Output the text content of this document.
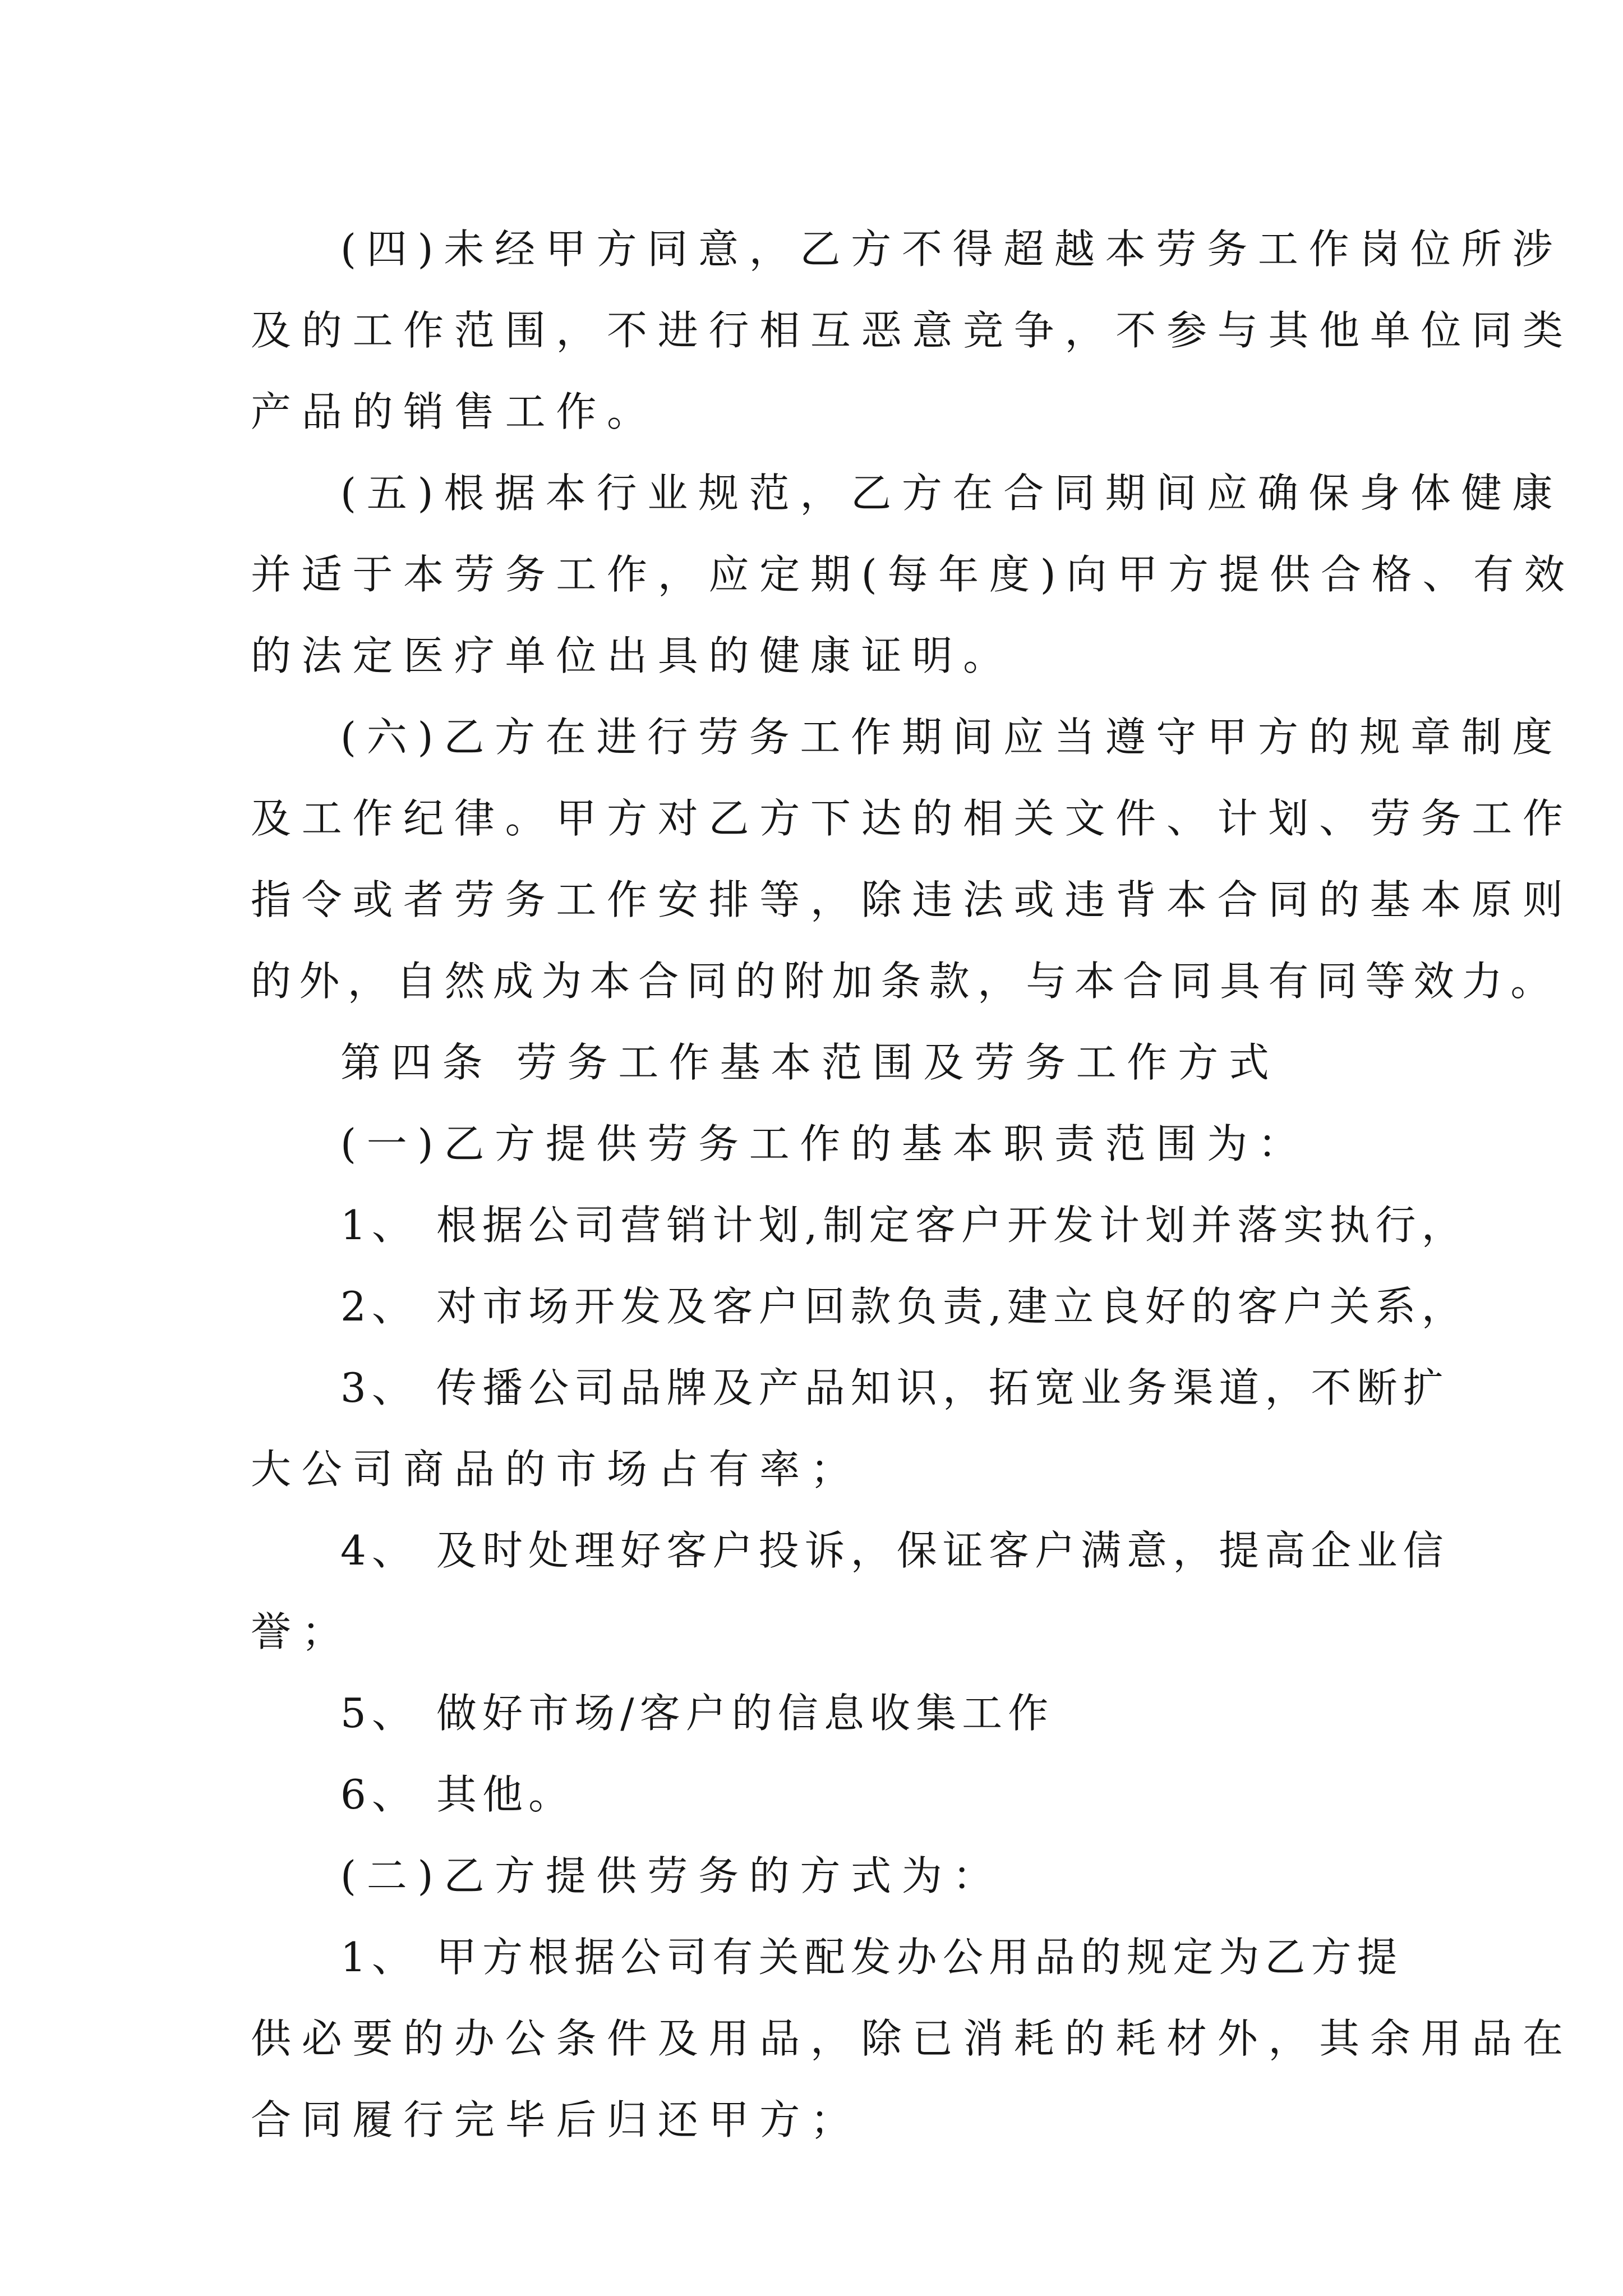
(四)未经甲方同意，乙方不得超越本劳务工作岗位所涉
及的工作范围，不进行相互恶意竞争，不参与其他单位同类
产品的销售工作。
(五)根据本行业规范，乙方在合同期间应确保身体健康
并适于本劳务工作，应定期(每年度)向甲方提供合格、有效
的法定医疗单位出具的健康证明。
(六)乙方在进行劳务工作期间应当遵守甲方的规章制度
及工作纪律。甲方对乙方下达的相关文件、计划、劳务工作
指令或者劳务工作安排等，除违法或违背本合同的基本原则
的外，自然成为本合同的附加条款，与本合同具有同等效力。
第四条 劳务工作基本范围及劳务工作方式
(一)乙方提供劳务工作的基本职责范围为：
1、 根据公司营销计划,制定客户开发计划并落实执行，
2、 对市场开发及客户回款负责,建立良好的客户关系，
3、 传播公司品牌及产品知识，拓宽业务渠道，不断扩
大公司商品的市场占有率；
4、 及时处理好客户投诉，保证客户满意，提高企业信
誉；
5、 做好市场/客户的信息收集工作
6、 其他。
(二)乙方提供劳务的方式为：
1、 甲方根据公司有关配发办公用品的规定为乙方提
供必要的办公条件及用品，除已消耗的耗材外，其余用品在
合同履行完毕后归还甲方；
